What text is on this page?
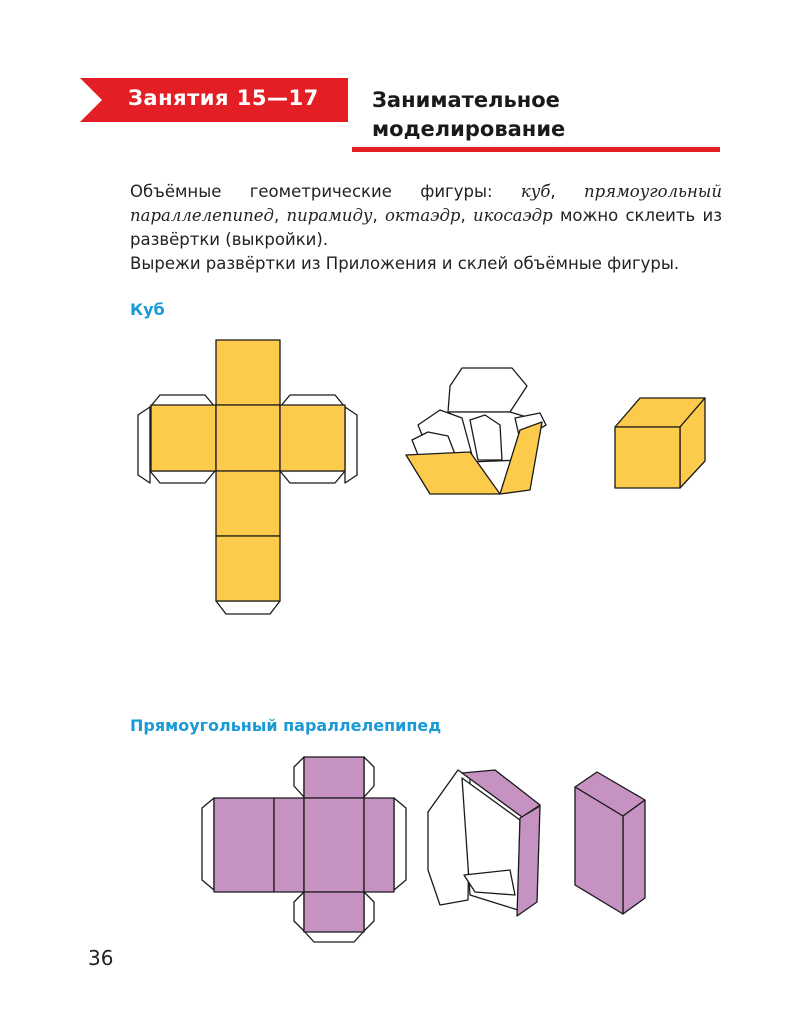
Занятия 15—17	Занимательное
моделирование

Объёмные геометрические фигуры: куб, прямоугольный параллелепипед, пирамиду, октаэдр, икосаэдр можно склеить из развёртки (выкройки).

Вырежи развёртки из Приложения и склей объёмные фигуры.

Куб
Прямоугольный параллелепипед
36
